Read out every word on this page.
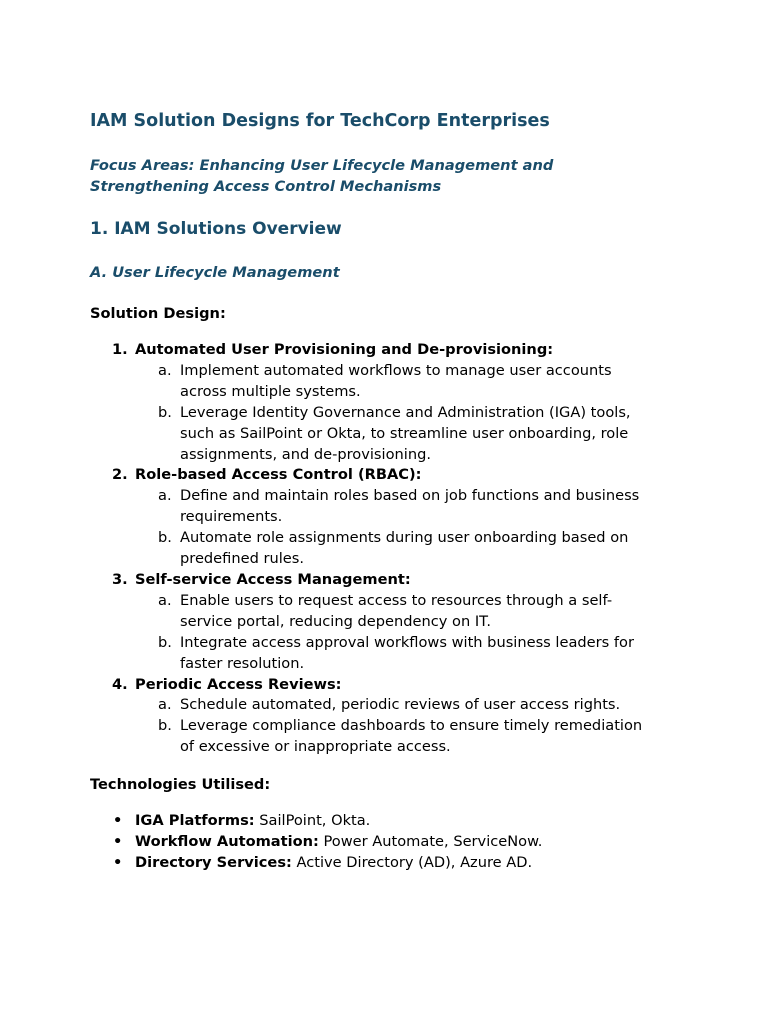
IAM Solution Designs for TechCorp Enterprises

Focus Areas: Enhancing User Lifecycle Management and Strengthening Access Control Mechanisms

1. IAM Solutions Overview
A. User Lifecycle Management

Solution Design:

1. Automated User Provisioning and De-provisioning:
a. Implement automated workflows to manage user accounts across multiple systems.
b. Leverage Identity Governance and Administration (IGA) tools, such as SailPoint or Okta, to streamline user onboarding, role assignments, and de-provisioning.
2. Role-based Access Control (RBAC):
a. Define and maintain roles based on job functions and business requirements.
b. Automate role assignments during user onboarding based on predefined rules.
3. Self-service Access Management:
a. Enable users to request access to resources through a self-service portal, reducing dependency on IT.
b. Integrate access approval workflows with business leaders for faster resolution.
4. Periodic Access Reviews:
a. Schedule automated, periodic reviews of user access rights.
b. Leverage compliance dashboards to ensure timely remediation of excessive or inappropriate access.

Technologies Utilised:

• IGA Platforms: SailPoint, Okta.
• Workflow Automation: Power Automate, ServiceNow.
• Directory Services: Active Directory (AD), Azure AD.
